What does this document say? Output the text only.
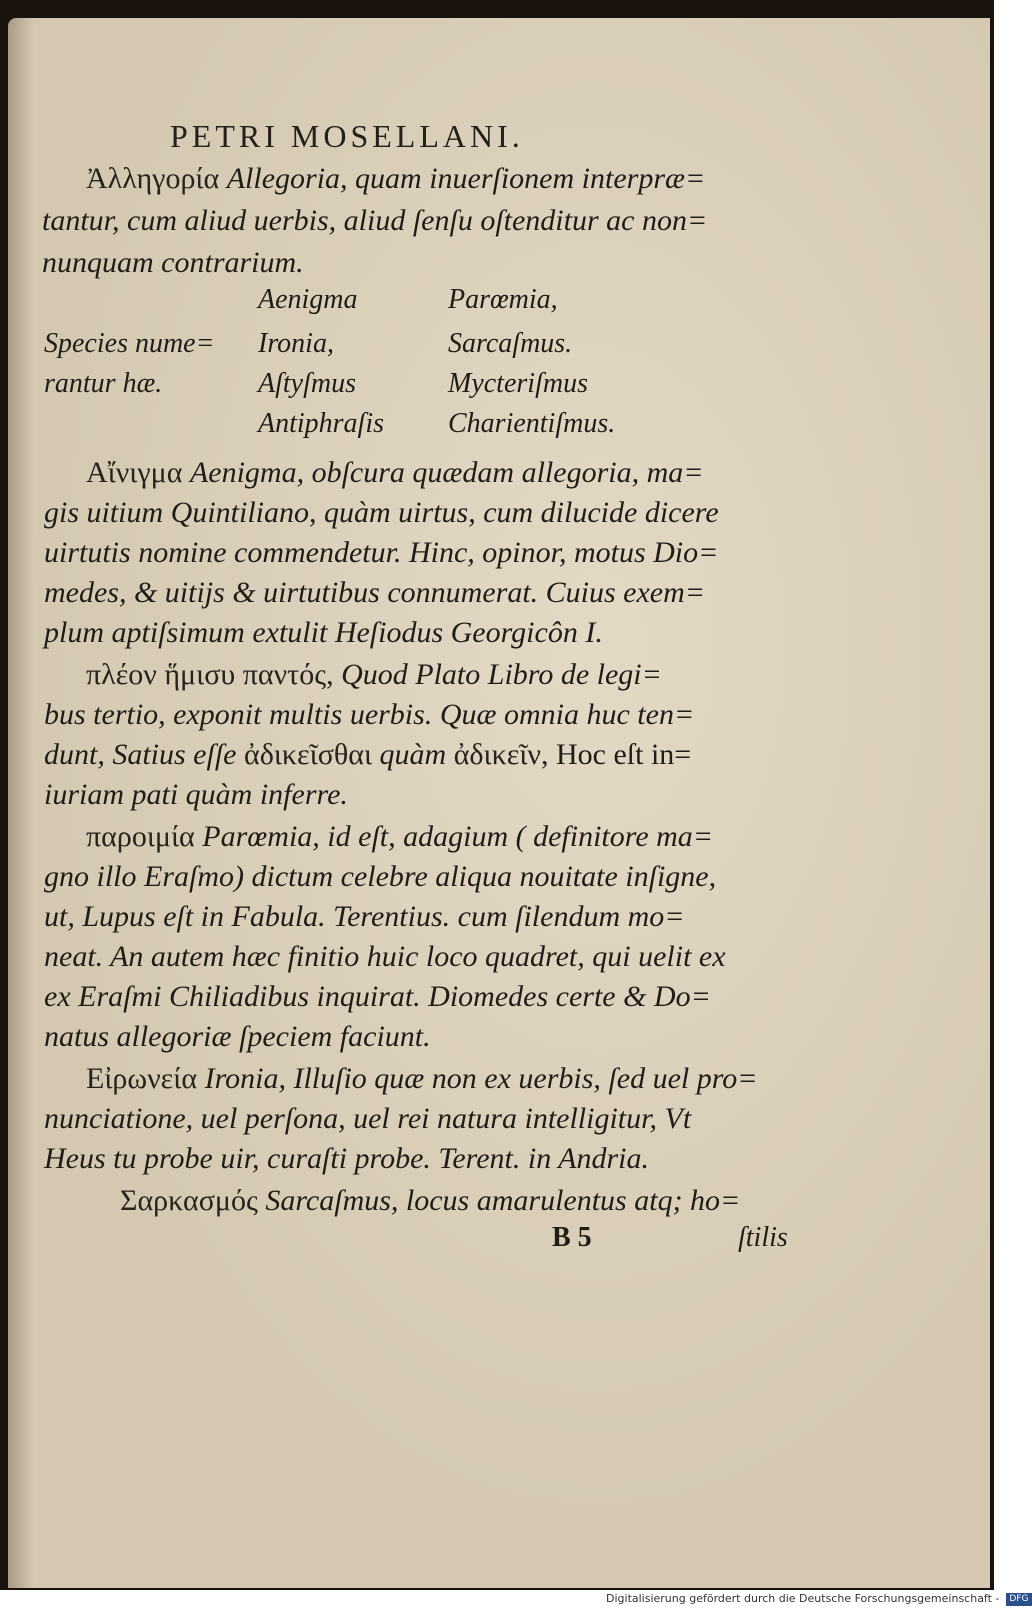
PETRI MOSELLANI.
Ἀλληγορία Allegoria, quam inuerſionem interpræ=
tantur, cum aliud uerbis, aliud ſenſu oſtenditur ac non=
nunquam contrarium.
Species nume=
rantur hæ.
Aenigma
Ironia,
Aſtyſmus
Antiphraſis
Parœmia,
Sarcaſmus.
Mycteriſmus
Charientiſmus.
Αἴνιγμα Aenigma, obſcura quædam allegoria, ma=
gis uitium Quintiliano, quàm uirtus, cum dilucide dicere
uirtutis nomine commendetur. Hinc, opinor, motus Dio=
medes, & uitijs & uirtutibus connumerat. Cuius exem=
plum aptiſsimum extulit Heſiodus Georgicôn I.
πλέον ἥμισυ παντός, Quod Plato Libro de legi=
bus tertio, exponit multis uerbis. Quæ omnia huc ten=
dunt, Satius eſſe ἀδικεῖσθαι quàm ἀδικεῖν, Hoc eſt in=
iuriam pati quàm inferre.
παροιμία Parœmia, id eſt, adagium ( definitore ma=
gno illo Eraſmo) dictum celebre aliqua nouitate inſigne,
ut, Lupus eſt in Fabula. Terentius. cum ſilendum mo=
neat. An autem hæc finitio huic loco quadret, qui uelit ex
ex Eraſmi Chiliadibus inquirat. Diomedes certe & Do=
natus allegoriæ ſpeciem faciunt.
Εἰρωνεία Ironia, Illuſio quæ non ex uerbis, ſed uel pro=
nunciatione, uel perſona, uel rei natura intelligitur, Vt
Heus tu probe uir, curaſti probe. Terent. in Andria.
Σαρκασμός Sarcaſmus, locus amarulentus atq; ho=
B 5	ſtilis
Digitalisierung gefördert durch die Deutsche Forschungsgemeinschaft - DFG
